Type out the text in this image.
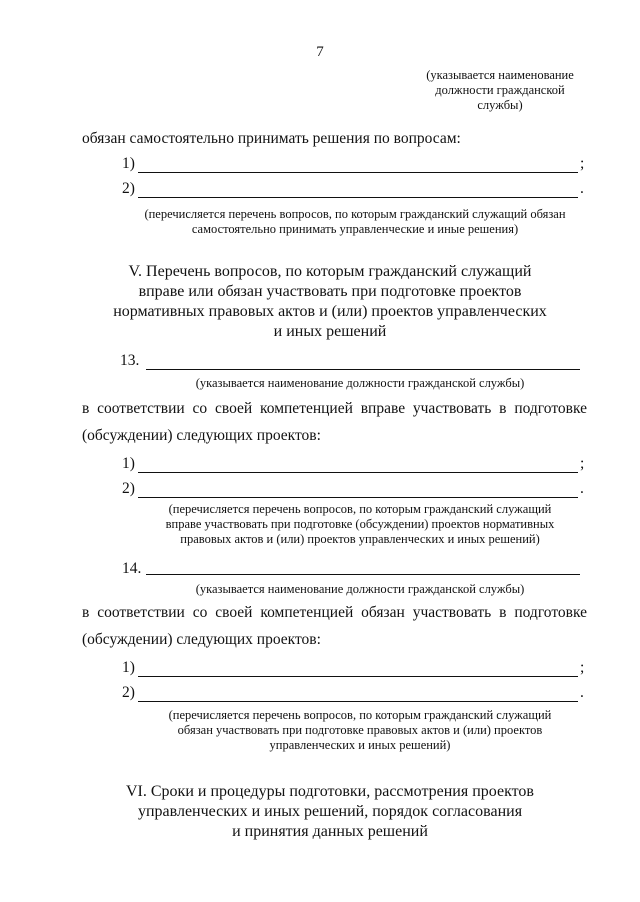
7
(указывается наименование
должности гражданской
службы)
обязан самостоятельно принимать решения по вопросам:
1)	;
2)	.
(перечисляется перечень вопросов, по которым гражданский служащий обязан
самостоятельно принимать управленческие и иные решения)
V. Перечень вопросов, по которым гражданский служащий
вправе или обязан участвовать при подготовке проектов
нормативных правовых актов и (или) проектов управленческих
и иных решений
13.
(указывается наименование должности гражданской службы)
в соответствии со своей компетенцией вправе участвовать в подготовке
(обсуждении) следующих проектов:
1)	;
2)	.
(перечисляется перечень вопросов, по которым гражданский служащий
вправе участвовать при подготовке (обсуждении) проектов нормативных
правовых актов и (или) проектов управленческих и иных решений)
14.
(указывается наименование должности гражданской службы)
в соответствии со своей компетенцией обязан участвовать в подготовке
(обсуждении) следующих проектов:
1)	;
2)	.
(перечисляется перечень вопросов, по которым гражданский служащий
обязан участвовать при подготовке правовых актов и (или) проектов
управленческих и иных решений)
VI. Сроки и процедуры подготовки, рассмотрения проектов
управленческих и иных решений, порядок согласования
и принятия данных решений
